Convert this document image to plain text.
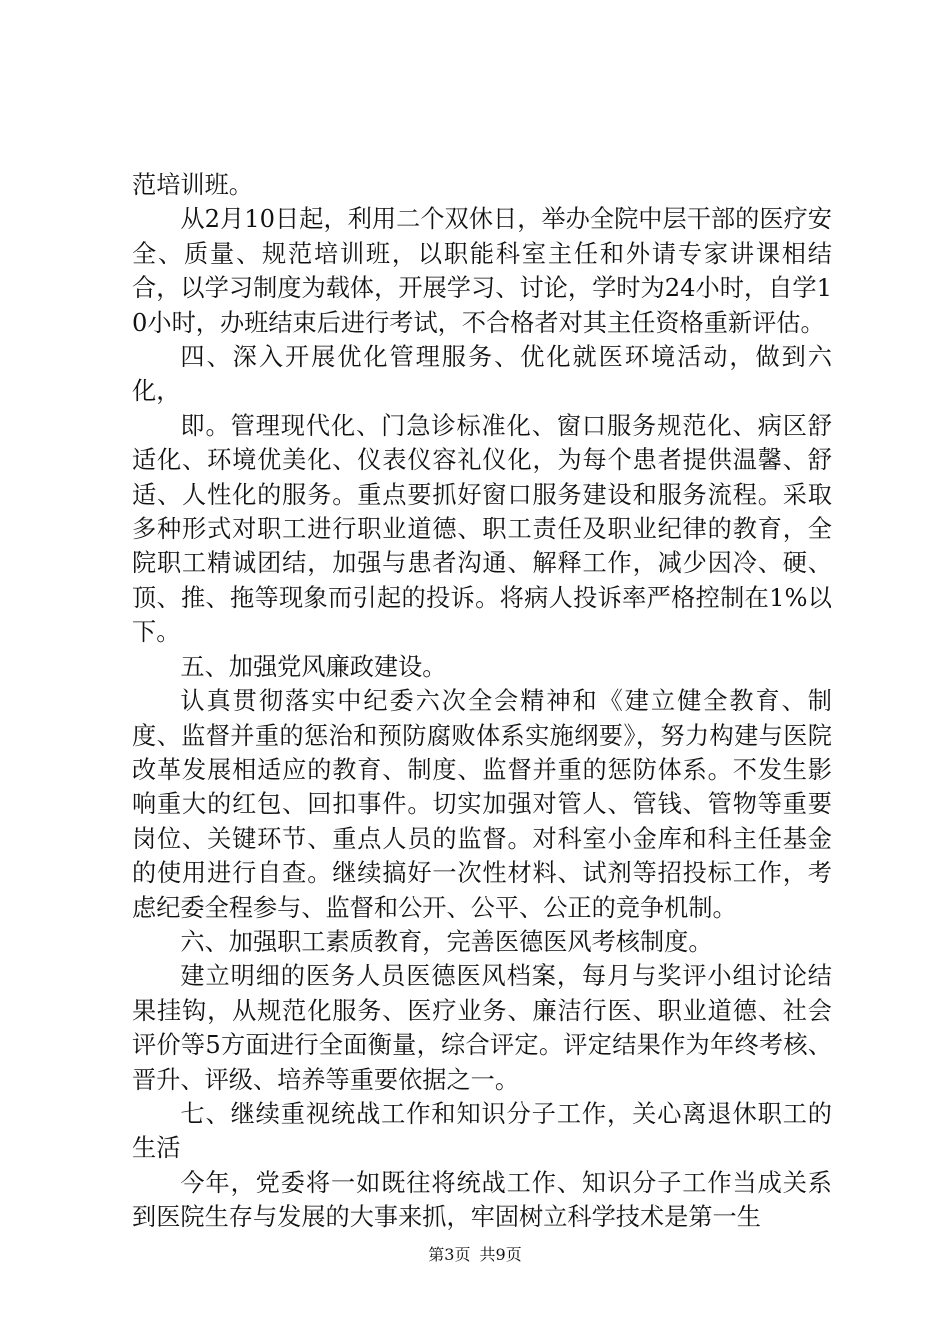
范培训班。

从2月10日起，利用二个双休日，举办全院中层干部的医疗安全、质量、规范培训班，以职能科室主任和外请专家讲课相结合，以学习制度为载体，开展学习、讨论，学时为24小时，自学10小时，办班结束后进行考试，不合格者对其主任资格重新评估。

四、深入开展优化管理服务、优化就医环境活动，做到六化，

即。管理现代化、门急诊标准化、窗口服务规范化、病区舒适化、环境优美化、仪表仪容礼仪化，为每个患者提供温馨、舒适、人性化的服务。重点要抓好窗口服务建设和服务流程。采取多种形式对职工进行职业道德、职工责任及职业纪律的教育，全院职工精诚团结，加强与患者沟通、解释工作，减少因冷、硬、顶、推、拖等现象而引起的投诉。将病人投诉率严格控制在1%以下。

五、加强党风廉政建设。

认真贯彻落实中纪委六次全会精神和《建立健全教育、制度、监督并重的惩治和预防腐败体系实施纲要》，努力构建与医院改革发展相适应的教育、制度、监督并重的惩防体系。不发生影响重大的红包、回扣事件。切实加强对管人、管钱、管物等重要岗位、关键环节、重点人员的监督。对科室小金库和科主任基金的使用进行自查。继续搞好一次性材料、试剂等招投标工作，考虑纪委全程参与、监督和公开、公平、公正的竞争机制。

六、加强职工素质教育，完善医德医风考核制度。

建立明细的医务人员医德医风档案，每月与奖评小组讨论结果挂钩，从规范化服务、医疗业务、廉洁行医、职业道德、社会评价等5方面进行全面衡量，综合评定。评定结果作为年终考核、晋升、评级、培养等重要依据之一。

七、继续重视统战工作和知识分子工作，关心离退休职工的生活

今年，党委将一如既往将统战工作、知识分子工作当成关系到医院生存与发展的大事来抓，牢固树立科学技术是第一生

第3页 共9页
